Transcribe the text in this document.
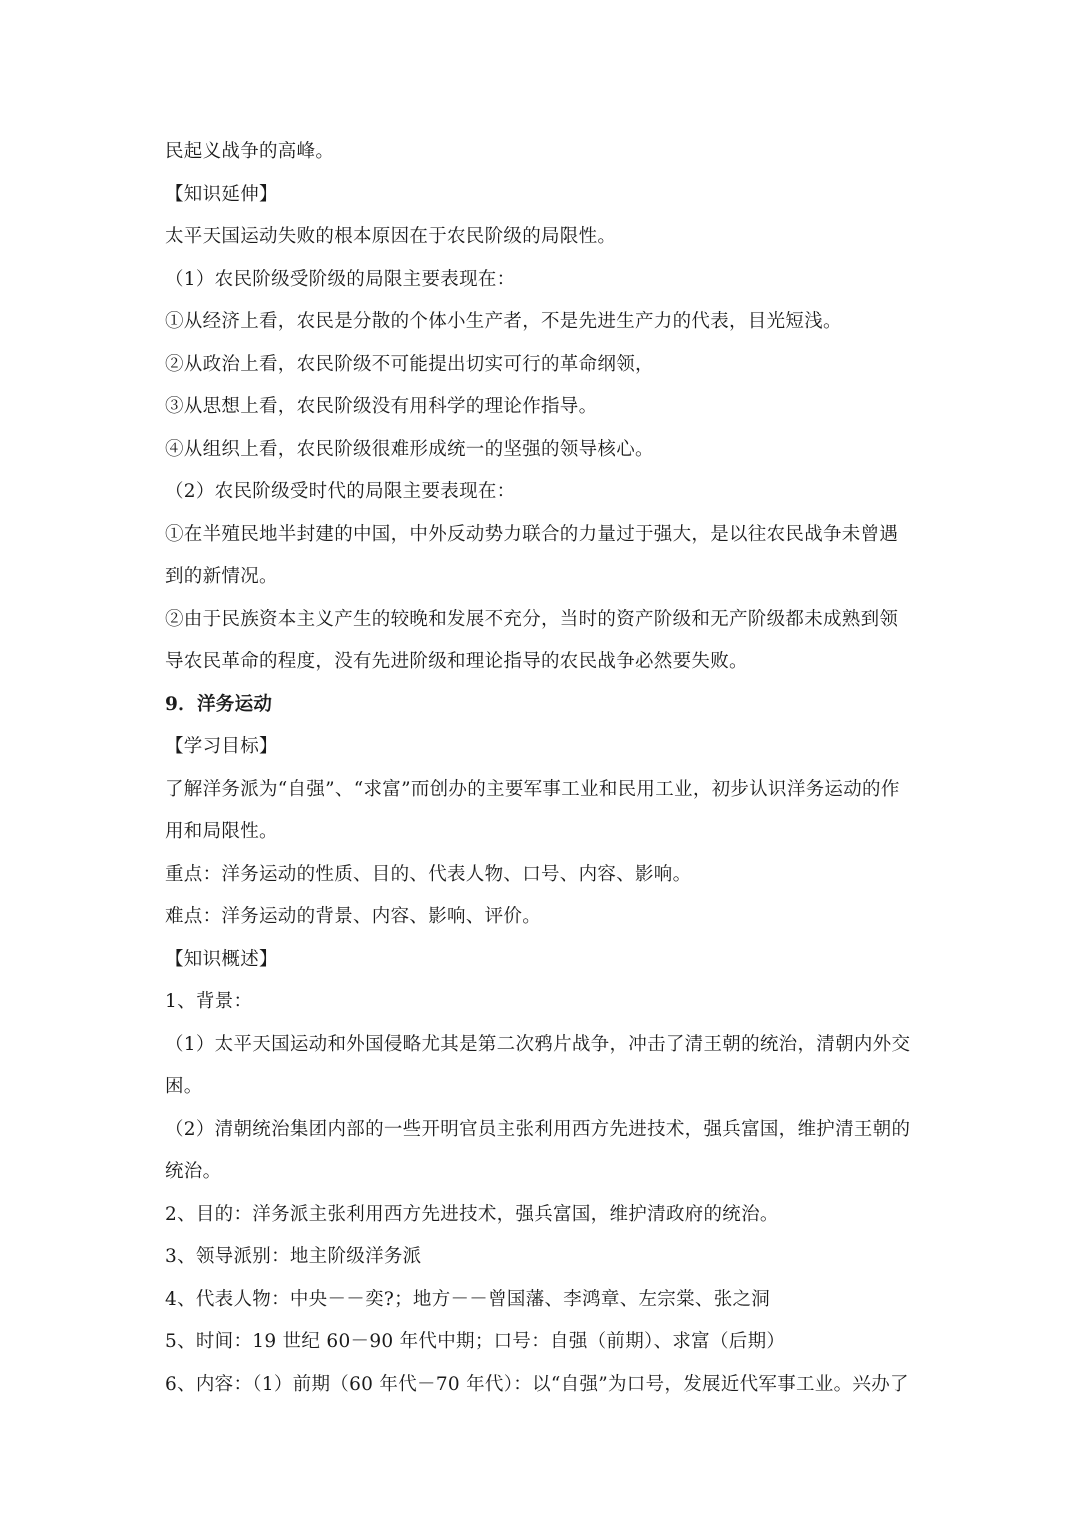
民起义战争的高峰。
【知识延伸】
太平天国运动失败的根本原因在于农民阶级的局限性。
（1）农民阶级受阶级的局限主要表现在：
①从经济上看，农民是分散的个体小生产者，不是先进生产力的代表，目光短浅。
②从政治上看，农民阶级不可能提出切实可行的革命纲领，
③从思想上看，农民阶级没有用科学的理论作指导。
④从组织上看，农民阶级很难形成统一的坚强的领导核心。
（2）农民阶级受时代的局限主要表现在：
①在半殖民地半封建的中国，中外反动势力联合的力量过于强大，是以往农民战争未曾遇
到的新情况。
②由于民族资本主义产生的较晚和发展不充分，当时的资产阶级和无产阶级都未成熟到领
导农民革命的程度，没有先进阶级和理论指导的农民战争必然要失败。
9．洋务运动
【学习目标】
了解洋务派为“自强”、“求富”而创办的主要军事工业和民用工业，初步认识洋务运动的作
用和局限性。
重点：洋务运动的性质、目的、代表人物、口号、内容、影响。
难点：洋务运动的背景、内容、影响、评价。
【知识概述】
1、背景：
（1）太平天国运动和外国侵略尤其是第二次鸦片战争，冲击了清王朝的统治，清朝内外交
困。
（2）清朝统治集团内部的一些开明官员主张利用西方先进技术，强兵富国，维护清王朝的
统治。
2、目的：洋务派主张利用西方先进技术，强兵富国，维护清政府的统治。
3、领导派别：地主阶级洋务派
4、代表人物：中央－－奕?；地方－－曾国藩、李鸿章、左宗棠、张之洞
5、时间：19 世纪 60－90 年代中期；口号：自强（前期）、求富（后期）
6、内容：（1）前期（60 年代－70 年代）：以“自强”为口号，发展近代军事工业。兴办了
